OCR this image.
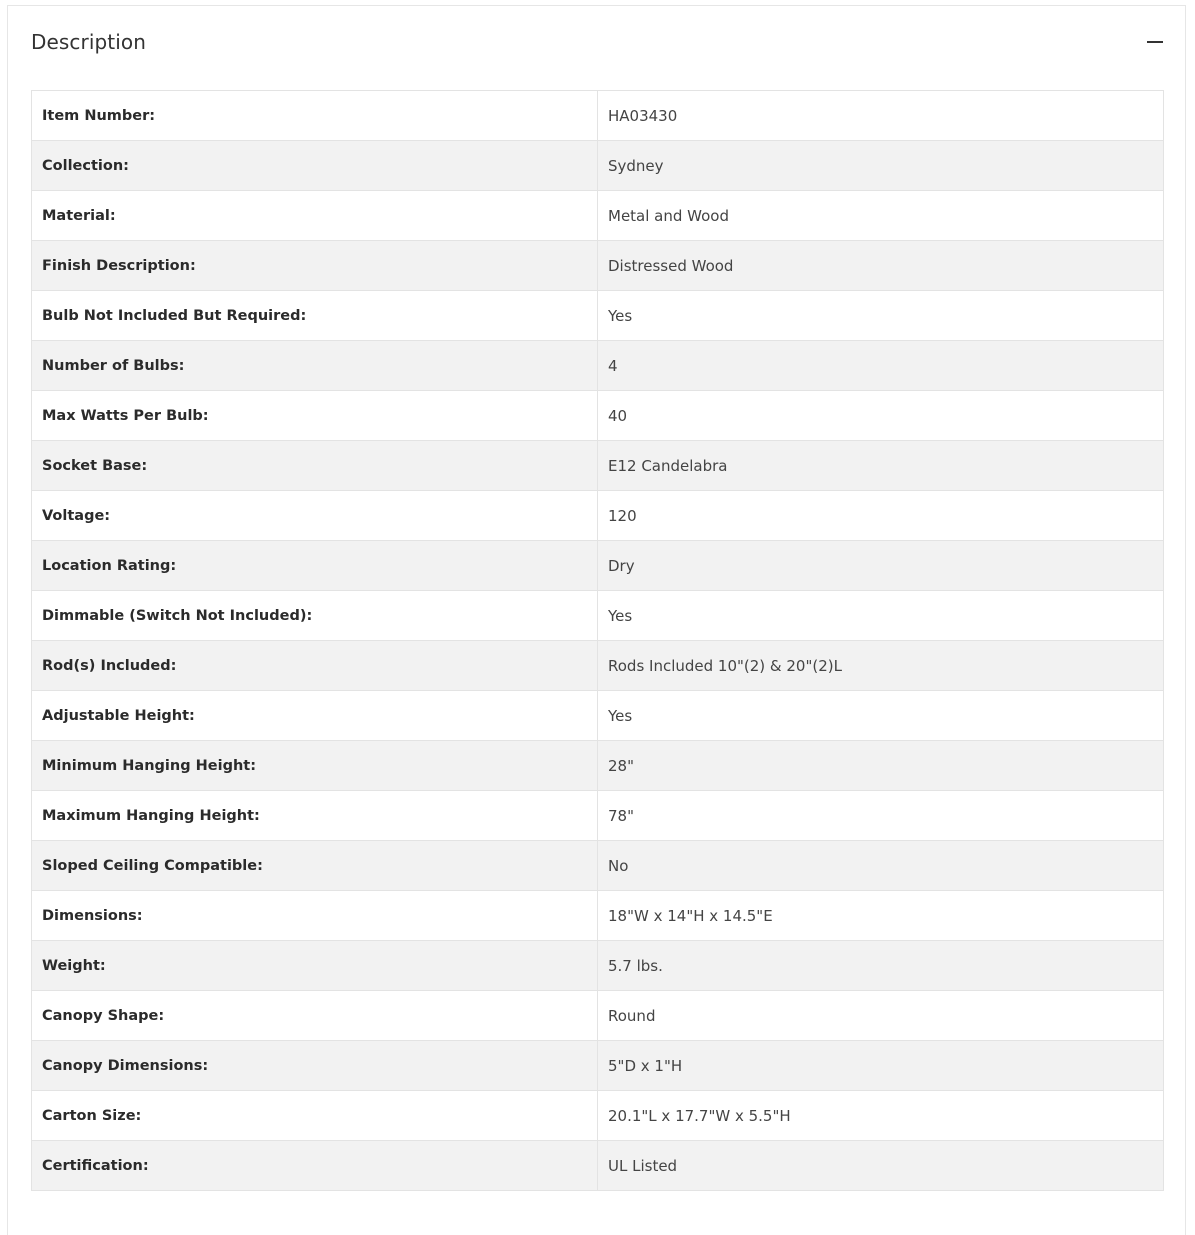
Description
Item Number:	HA03430
Collection:	Sydney
Material:	Metal and Wood
Finish Description:	Distressed Wood
Bulb Not Included But Required:	Yes
Number of Bulbs:	4
Max Watts Per Bulb:	40
Socket Base:	E12 Candelabra
Voltage:	120
Location Rating:	Dry
Dimmable (Switch Not Included):	Yes
Rod(s) Included:	Rods Included 10"(2) & 20"(2)L
Adjustable Height:	Yes
Minimum Hanging Height:	28"
Maximum Hanging Height:	78"
Sloped Ceiling Compatible:	No
Dimensions:	18"W x 14"H x 14.5"E
Weight:	5.7 lbs.
Canopy Shape:	Round
Canopy Dimensions:	5"D x 1"H
Carton Size:	20.1"L x 17.7"W x 5.5"H
Certification:	UL Listed
